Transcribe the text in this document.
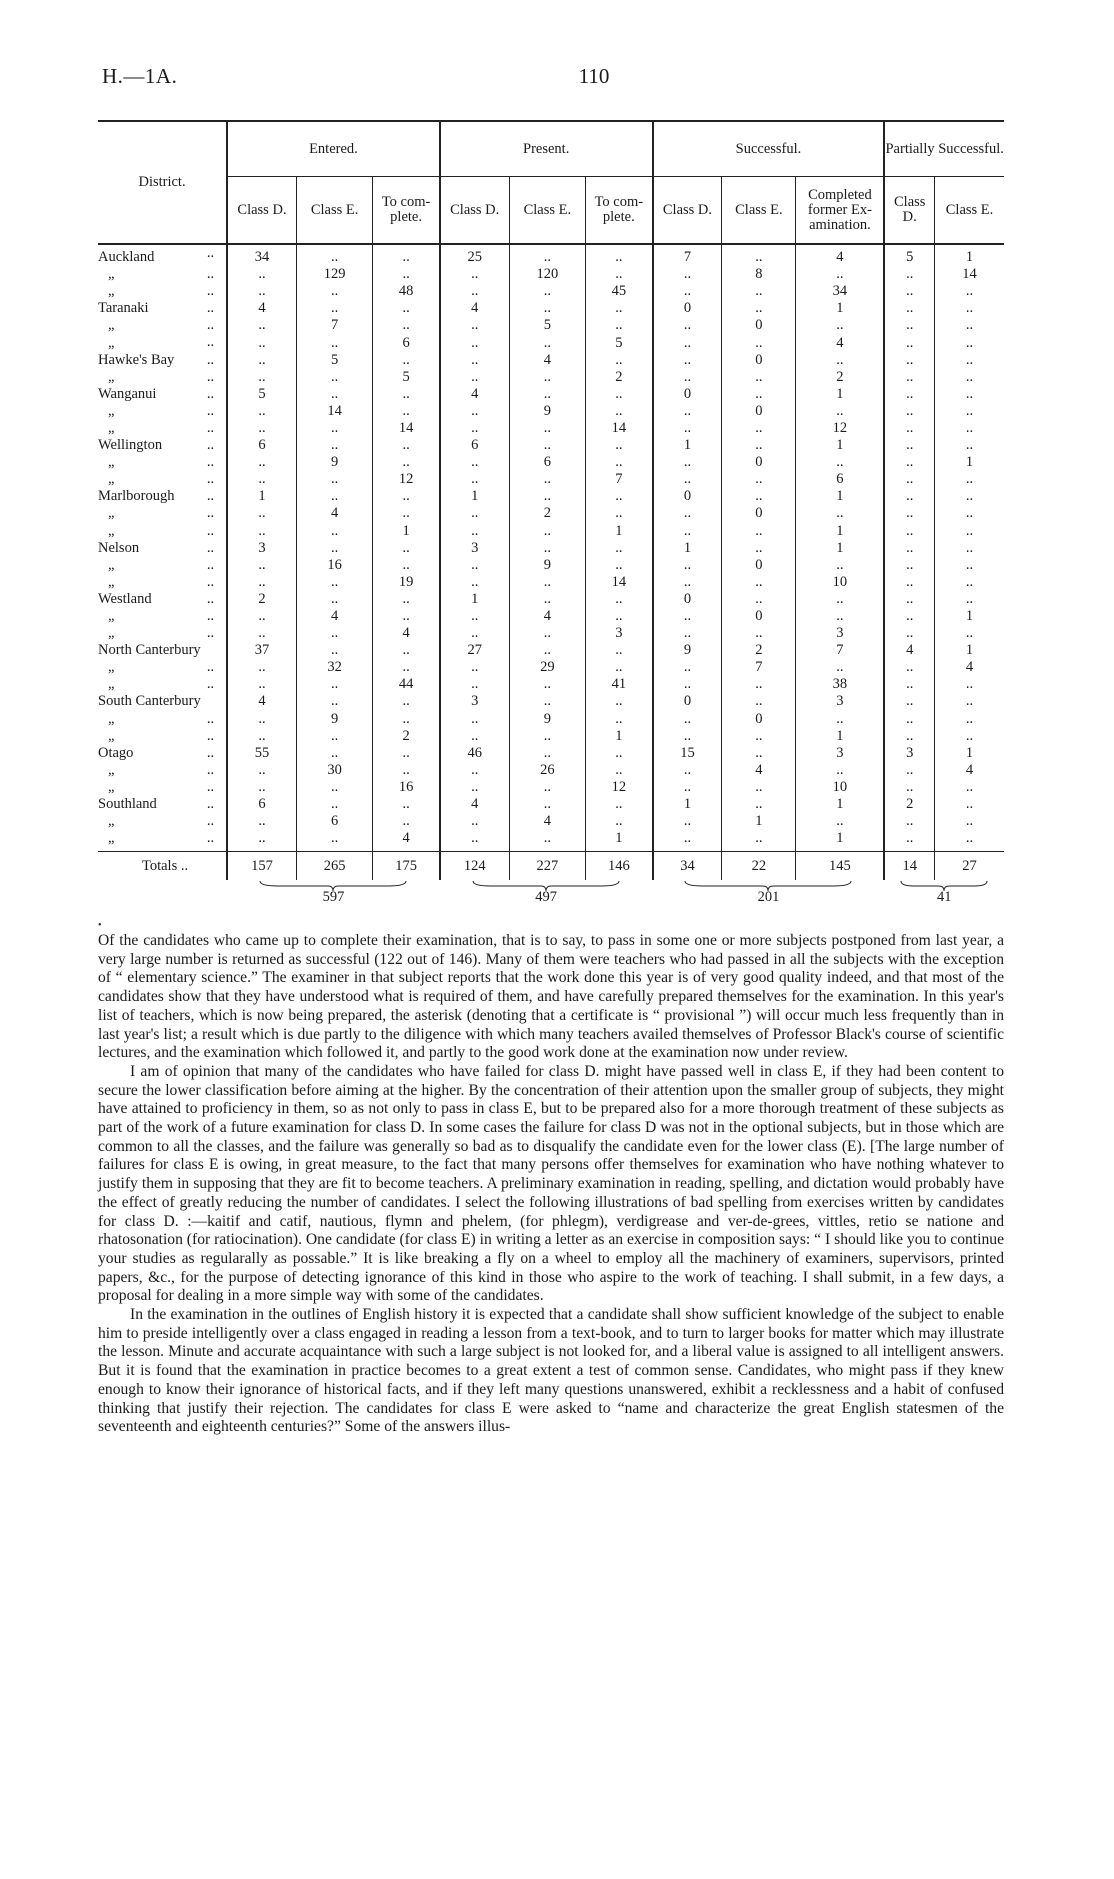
H.—1A.	110
District.	Entered.			Present.			Successful.			Partially Successful.	
	Class D.	Class E.	To com-plete.	Class D.	Class E.	To com-plete.	Class D.	Class E.	Completed former Ex-amination.	Class D.	Class E.
Auckland ..	34	..	..	25	..	..	7	..	4	5	1
„ ..	..	129	..	..	120	..	..	8	..	..	14
„ ..	..	..	48	..	..	45	..	..	34	..	..
Taranaki ..	4	..	..	4	..	..	0	..	1	..	..
„ ..	..	7	..	..	5	..	..	0	..	..	..
„ ..	..	..	6	..	..	5	..	..	4	..	..
Hawke's Bay ..	..	5	..	..	4	..	..	0	..	..	..
„ ..	..	..	5	..	..	2	..	..	2	..	..
Wanganui ..	5	..	..	4	..	..	0	..	1	..	..
„ ..	..	14	..	..	9	..	..	0	..	..	..
„ ..	..	..	14	..	..	14	..	..	12	..	..
Wellington ..	6	..	..	6	..	..	1	..	1	..	..
„ ..	..	9	..	..	6	..	..	0	..	..	1
„ ..	..	..	12	..	..	7	..	..	6	..	..
Marlborough ..	1	..	..	1	..	..	0	..	1	..	..
„ ..	..	4	..	..	2	..	..	0	..	..	..
„ ..	..	..	1	..	..	1	..	..	1	..	..
Nelson ..	3	..	..	3	..	..	1	..	1	..	..
„ ..	..	16	..	..	9	..	..	0	..	..	..
„ ..	..	..	19	..	..	14	..	..	10	..	..
Westland ..	2	..	..	1	..	..	0	..	..	..	..
„ ..	..	4	..	..	4	..	..	0	..	..	1
„ ..	..	..	4	..	..	3	..	..	3	..	..
North Canterbury	37	..	..	27	..	..	9	2	7	4	1
„ ..	..	32	..	..	29	..	..	7	..	..	4
„ ..	..	..	44	..	..	41	..	..	38	..	..
South Canterbury	4	..	..	3	..	..	0	..	3	..	..
„ ..	..	9	..	..	9	..	..	0	..	..	..
„ ..	..	..	2	..	..	1	..	..	1	..	..
Otago ..	55	..	..	46	..	..	15	..	3	3	1
„ ..	..	30	..	..	26	..	..	4	..	..	4
„ ..	..	..	16	..	..	12	..	..	10	..	..
Southland ..	6	..	..	4	..	..	1	..	1	2	..
„ ..	..	6	..	..	4	..	..	1	..	..	..
„ ..	..	..	4	..	..	1	..	..	1	..	..
Totals ..	157	265	175	124	227	146	34	22	145	14	27

597			497			201			41	
•

Of the candidates who came up to complete their examination, that is to say, to pass in some one or more subjects postponed from last year, a very large number is returned as successful (122 out of 146). Many of them were teachers who had passed in all the subjects with the exception of “ elementary science.” The examiner in that subject reports that the work done this year is of very good quality indeed, and that most of the candidates show that they have understood what is required of them, and have carefully prepared themselves for the examination. In this year's list of teachers, which is now being prepared, the asterisk (denoting that a certificate is “ provisional ”) will occur much less frequently than in last year's list; a result which is due partly to the diligence with which many teachers availed themselves of Professor Black's course of scientific lectures, and the examination which followed it, and partly to the good work done at the examination now under review.

I am of opinion that many of the candidates who have failed for class D. might have passed well in class E, if they had been content to secure the lower classification before aiming at the higher. By the concentration of their attention upon the smaller group of subjects, they might have attained to proficiency in them, so as not only to pass in class E, but to be prepared also for a more thorough treatment of these subjects as part of the work of a future examination for class D. In some cases the failure for class D was not in the optional subjects, but in those which are common to all the classes, and the failure was generally so bad as to disqualify the candidate even for the lower class (E). [The large number of failures for class E is owing, in great measure, to the fact that many persons offer themselves for examination who have nothing whatever to justify them in supposing that they are fit to become teachers. A preliminary examination in reading, spelling, and dictation would probably have the effect of greatly reducing the number of candidates. I select the following illustrations of bad spelling from exercises written by candidates for class D. :—kaitif and catif, nautious, flymn and phelem, (for phlegm), verdigrease and ver-de-grees, vittles, retio se natione and rhatosonation (for ratiocination). One candidate (for class E) in writing a letter as an exercise in composition says: “ I should like you to continue your studies as regularally as possable.” It is like breaking a fly on a wheel to employ all the machinery of examiners, supervisors, printed papers, &c., for the purpose of detecting ignorance of this kind in those who aspire to the work of teaching. I shall submit, in a few days, a proposal for dealing in a more simple way with some of the candidates.

In the examination in the outlines of English history it is expected that a candidate shall show sufficient knowledge of the subject to enable him to preside intelligently over a class engaged in reading a lesson from a text-book, and to turn to larger books for matter which may illustrate the lesson. Minute and accurate acquaintance with such a large subject is not looked for, and a liberal value is assigned to all intelligent answers. But it is found that the examination in practice becomes to a great extent a test of common sense. Candidates, who might pass if they knew enough to know their ignorance of historical facts, and if they left many questions unanswered, exhibit a recklessness and a habit of confused thinking that justify their rejection. The candidates for class E were asked to “name and characterize the great English statesmen of the seventeenth and eighteenth centuries?” Some of the answers illus-
